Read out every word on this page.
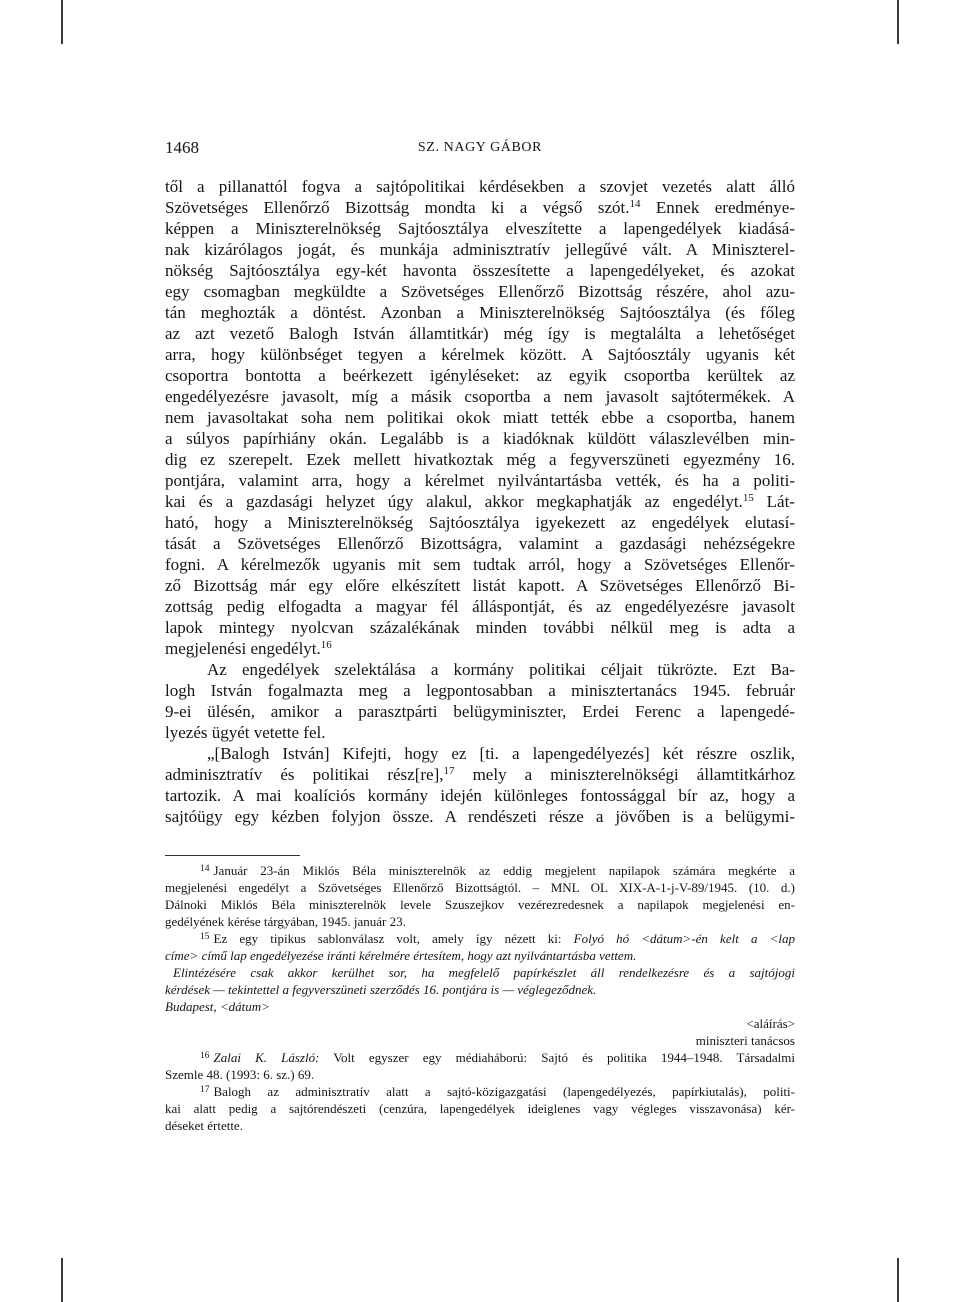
1468	SZ. NAGY GÁBOR
től a pillanattól fogva a sajtópolitikai kérdésekben a szovjet vezetés alatt álló
Szövetséges Ellenőrző Bizottság mondta ki a végső szót.$^{14}$ Ennek eredménye-
képpen a Miniszterelnökség Sajtóosztálya elveszítette a lapengedélyek kiadásá-
nak kizárólagos jogát, és munkája adminisztratív jellegűvé vált. A Miniszterel-
nökség Sajtóosztálya egy-két havonta összesítette a lapengedélyeket, és azokat
egy csomagban megküldte a Szövetséges Ellenőrző Bizottság részére, ahol azu-
tán meghozták a döntést. Azonban a Miniszterelnökség Sajtóosztálya (és főleg
az azt vezető Balogh István államtitkár) még így is megtalálta a lehetőséget
arra, hogy különbséget tegyen a kérelmek között. A Sajtóosztály ugyanis két
csoportra bontotta a beérkezett igényléseket: az egyik csoportba kerültek az
engedélyezésre javasolt, míg a másik csoportba a nem javasolt sajtótermékek. A
nem javasoltakat soha nem politikai okok miatt tették ebbe a csoportba, hanem
a súlyos papírhiány okán. Legalább is a kiadóknak küldött válaszlevélben min-
dig ez szerepelt. Ezek mellett hivatkoztak még a fegyverszüneti egyezmény 16.
pontjára, valamint arra, hogy a kérelmet nyilvántartásba vették, és ha a politi-
kai és a gazdasági helyzet úgy alakul, akkor megkaphatják az engedélyt.$^{15}$ Lát-
ható, hogy a Miniszterelnökség Sajtóosztálya igyekezett az engedélyek elutasí-
tását a Szövetséges Ellenőrző Bizottságra, valamint a gazdasági nehézségekre
fogni. A kérelmezők ugyanis mit sem tudtak arról, hogy a Szövetséges Ellenőr-
ző Bizottság már egy előre elkészített listát kapott. A Szövetséges Ellenőrző Bi-
zottság pedig elfogadta a magyar fél álláspontját, és az engedélyezésre javasolt
lapok mintegy nyolcvan százalékának minden további nélkül meg is adta a
megjelenési engedélyt.$^{16}$
Az engedélyek szelektálása a kormány politikai céljait tükrözte. Ezt Ba-
logh István fogalmazta meg a legpontosabban a minisztertanács 1945. február
9-ei ülésén, amikor a parasztpárti belügyminiszter, Erdei Ferenc a lapengedé-
lyezés ügyét vetette fel.
„[Balogh István] Kifejti, hogy ez [ti. a lapengedélyezés] két részre oszlik,
adminisztratív és politikai rész[re],$^{17}$ mely a miniszterelnökségi államtitkárhoz
tartozik. A mai koalíciós kormány idején különleges fontossággal bír az, hogy a
sajtóügy egy kézben folyjon össze. A rendészeti része a jövőben is a belügymi-
$^{14}$ Január 23-án Miklós Béla miniszterelnök az eddig megjelent napilapok számára megkérte a
megjelenési engedélyt a Szövetséges Ellenőrző Bizottságtól. – MNL OL XIX-A-1-j-V-89/1945. (10. d.)
Dálnoki Miklós Béla miniszterelnök levele Szuszejkov vezérezredesnek a napilapok megjelenési en-
gedélyének kérése tárgyában, 1945. január 23.
$^{15}$ Ez egy tipikus sablonválasz volt, amely így nézett ki: Folyó hó <dátum>-én kelt a <lap
címe> című lap engedélyezése iránti kérelmére értesítem, hogy azt nyilvántartásba vettem.
Elintézésére csak akkor kerülhet sor, ha megfelelő papírkészlet áll rendelkezésre és a sajtójogi
kérdések — tekintettel a fegyverszüneti szerződés 16. pontjára is — véglegeződnek.
Budapest, <dátum>
<aláírás>
miniszteri tanácsos
$^{16}$ Zalai K. László: Volt egyszer egy médiaháború: Sajtó és politika 1944–1948. Társadalmi
Szemle 48. (1993: 6. sz.) 69.
$^{17}$ Balogh az adminisztratív alatt a sajtó-közigazgatási (lapengedélyezés, papírkiutalás), politi-
kai alatt pedig a sajtórendészeti (cenzúra, lapengedélyek ideiglenes vagy végleges visszavonása) kér-
déseket értette.
